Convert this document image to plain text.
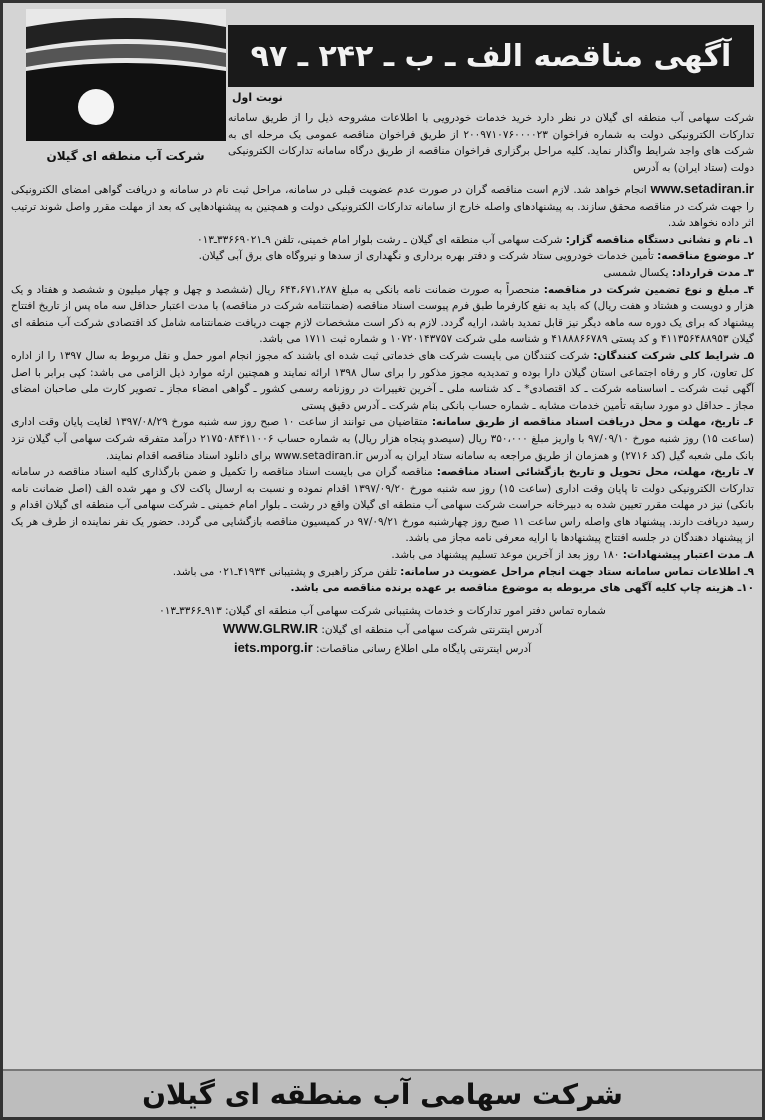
آگهی مناقصه الف ـ ب ـ ۲۴۲ ـ ۹۷
نوبت اول
شرکت سهامی آب منطقه ای گیلان در نظر دارد خرید خدمات خودرویی با اطلاعات مشروحه ذیل را از طریق سامانه تدارکات الکترونیکی دولت به شماره فراخوان ۲۰۰۹۷۱۰۷۶۰۰۰۰۲۳ از طریق فراخوان مناقصه عمومی یک مرحله ای به شرکت های واجد شرایط واگذار نماید. کلیه مراحل برگزاری فراخوان مناقصه از طریق درگاه سامانه تدارکات الکترونیکی دولت (ستاد ایران) به آدرس
شرکت آب منطقه ای گیلان

www.setadiran.ir انجام خواهد شد. لازم است مناقصه گران در صورت عدم عضویت قبلی در سامانه، مراحل ثبت نام در سامانه و دریافت گواهی امضای الکترونیکی را جهت شرکت در مناقصه محقق سازند. به پیشنهادهای واصله خارج از سامانه تدارکات الکترونیکی دولت و همچنین به پیشنهادهایی که بعد از مهلت مقرر واصل شوند ترتیب اثر داده نخواهد شد.

۱ـ نام و نشانی دستگاه مناقصه گزار: شرکت سهامی آب منطقه ای گیلان ـ رشت بلوار امام خمینی، تلفن ۹ـ۳۳۶۶۹۰۲۱ـ۰۱۳

۲ـ موضوع مناقصه: تأمین خدمات خودرویی ستاد شرکت و دفتر بهره برداری و نگهداری از سدها و نیروگاه های برق آبی گیلان.

۳ـ مدت قرارداد: یکسال شمسی

۴ـ مبلغ و نوع تضمین شرکت در مناقصه: منحصراً به صورت ضمانت نامه بانکی به مبلغ ۶۴۴،۶۷۱،۲۸۷ ریال (ششصد و چهل و چهار میلیون و ششصد و هفتاد و یک هزار و دویست و هشتاد و هفت ریال) که باید به نفع کارفرما طبق فرم پیوست اسناد مناقصه (ضمانتنامه شرکت در مناقصه) با مدت اعتبار حداقل سه ماه پس از تاریخ افتتاح پیشنهاد که برای یک دوره سه ماهه دیگر نیز قابل تمدید باشد، ارایه گردد. لازم به ذکر است مشخصات لازم جهت دریافت ضمانتنامه شامل کد اقتصادی شرکت آب منطقه ای گیلان ۴۱۱۳۵۶۴۸۸۹۵۳ و کد پستی ۴۱۸۸۸۶۶۷۸۹ و شناسه ملی شرکت ۱۰۷۲۰۱۴۳۷۵۷ و شماره ثبت ۱۷۱۱ می باشد.

۵ـ شرایط کلی شرکت کنندگان: شرکت کنندگان می بایست شرکت های خدماتی ثبت شده ای باشند که مجوز انجام امور حمل و نقل مربوط به سال ۱۳۹۷ را از اداره کل تعاون، کار و رفاه اجتماعی استان گیلان دارا بوده و تمدیدیه مجوز مذکور را برای سال ۱۳۹۸ ارائه نمایند و همچنین ارئه موارد ذیل الزامی می باشد: کپی برابر با اصل آگهی ثبت شرکت ـ اساسنامه شرکت ـ کد اقتصادی* ـ کد شناسه ملی ـ آخرین تغییرات در روزنامه رسمی کشور ـ گواهی امضاء مجاز ـ تصویر کارت ملی صاحبان امضای مجاز ـ حداقل دو مورد سابقه تأمین خدمات مشابه ـ شماره حساب بانکی بنام شرکت ـ آدرس دقیق پستی

۶ـ تاریخ، مهلت و محل دریافت اسناد مناقصه از طریق سامانه: متقاضیان می توانند از ساعت ۱۰ صبح روز سه شنبه مورخ ۱۳۹۷/۰۸/۲۹ لغایت پایان وقت اداری (ساعت ۱۵) روز شنبه مورخ ۹۷/۰۹/۱۰ با واریز مبلغ ۳۵۰،۰۰۰ ریال (سیصدو پنجاه هزار ریال) به شماره حساب ۲۱۷۵۰۸۴۴۱۱۰۰۶ درآمد متفرقه شرکت سهامی آب گیلان نزد بانک ملی شعبه گیل (کد ۲۷۱۶) و همزمان از طریق مراجعه به سامانه ستاد ایران به آدرس www.setadiran.ir برای دانلود اسناد مناقصه اقدام نمایند.

۷ـ تاریخ، مهلت، محل تحویل و تاریخ بازگشائی اسناد مناقصه: مناقصه گران می بایست اسناد مناقصه را تکمیل و ضمن بارگذاری کلیه اسناد مناقصه در سامانه تدارکات الکترونیکی دولت تا پایان وقت اداری (ساعت ۱۵) روز سه شنبه مورخ ۱۳۹۷/۰۹/۲۰ اقدام نموده و نسبت به ارسال پاکت لاک و مهر شده الف (اصل ضمانت نامه بانکی) نیز در مهلت مقرر تعیین شده به دبیرخانه حراست شرکت سهامی آب منطقه ای گیلان واقع در رشت ـ بلوار امام خمینی ـ شرکت سهامی آب منطقه ای گیلان اقدام و رسید دریافت دارند. پیشنهاد های واصله راس ساعت ۱۱ صبح روز چهارشنبه مورخ ۹۷/۰۹/۲۱ در کمیسیون مناقصه بازگشایی می گردد. حضور یک نفر نماینده از طرف هر یک از پیشنهاد دهندگان در جلسه افتتاح پیشنهادها با ارایه معرفی نامه مجاز می باشد.

۸ـ مدت اعتبار پیشنهادات: ۱۸۰ روز بعد از آخرین موعد تسلیم پیشنهاد می باشد.

۹ـ اطلاعات تماس سامانه ستاد جهت انجام مراحل عضویت در سامانه: تلفن مرکز راهبری و پشتیبانی ۴۱۹۳۴ـ۰۲۱ می باشد.

۱۰ـ هزینه چاپ کلیه آگهی های مربوطه به موضوع مناقصه بر عهده برنده مناقصه می باشد.

شماره تماس دفتر امور تدارکات و خدمات پشتیبانی شرکت سهامی آب منطقه ای گیلان: ۹۱۳ـ۳۳۶۶ـ۰۱۳
آدرس اینترنتی شرکت سهامی آب منطقه ای گیلان: WWW.GLRW.IR
آدرس اینترنتی پایگاه ملی اطلاع رسانی مناقصات: iets.mporg.ir
شرکت سهامی آب منطقه ای گیلان
